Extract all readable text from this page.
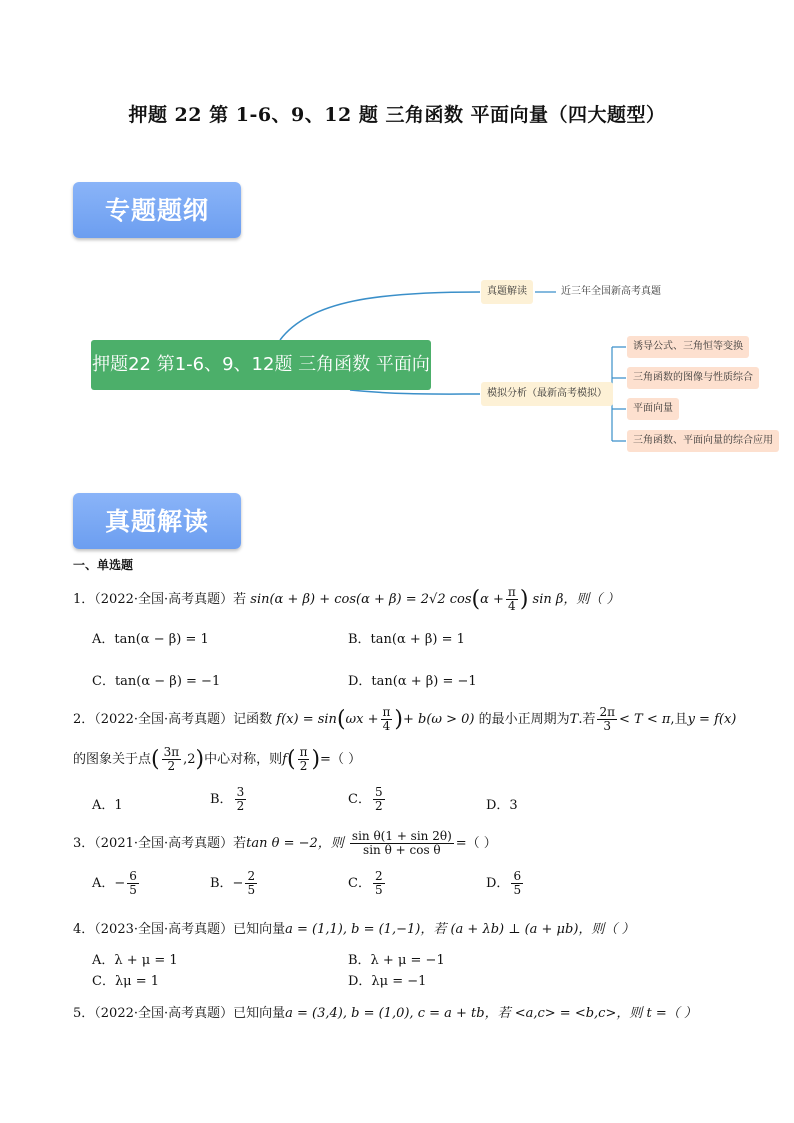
押题 22 第 1-6、9、12 题 三角函数 平面向量（四大题型）
专题题纲
押题22 第1-6、9、12题 三角函数 平面向量
真题解读	近三年全国新高考真题
模拟分析（最新高考模拟）
诱导公式、三角恒等变换
三角函数的图像与性质综合
平面向量
三角函数、平面向量的综合应用
真题解读
一、单选题
1．（2022·全国·高考真题）若 sin(α + β) + cos(α + β) = 2√2 $\cos(\alpha + \frac{\pi}{4}$ ) sin β，则（ ）
A．tan(α − β) = 1	B．tan(α + β) = 1
C．tan(α − β) = −1	D．tan(α + β) = −1
2．（2022·全国·高考真题）记函数 $f(x) = \sin(\omega x + \frac{\pi}{4}$ )+ b(ω > 0) 的最小正周期为T.若 $\frac{2\pi}{3} < T < \pi$,且y = f(x)
的图象关于点( $\frac{3\pi}{2} ,2$)中心对称，则$f( \frac{\pi}{2}$ )=（ ）
A．1	B． $\frac{3}{2}$	C． $\frac{5}{2}$	D．3
3．（2021·全国·高考真题）若tan θ = −2，则 $\frac{\text{sin θ(1 + sin 2θ)}}{\text{sin θ + cos θ}}$ =（ ）
A．− $\frac{6}{5}$	B．− $\frac{2}{5}$	C． $\frac{2}{5}$	D． $\frac{6}{5}$
4．（2023·全国·高考真题）已知向量a = (1,1), b = (1,−1)，若 (a + λb) ⊥ (a + μb)，则（ ）
A．λ + μ = 1	B．λ + μ = −1
C．λμ = 1	D．λμ = −1
5．（2022·全国·高考真题）已知向量a = (3,4), b = (1,0), c = a + tb，若 <a,c> = <b,c>，则 t =（ ）
